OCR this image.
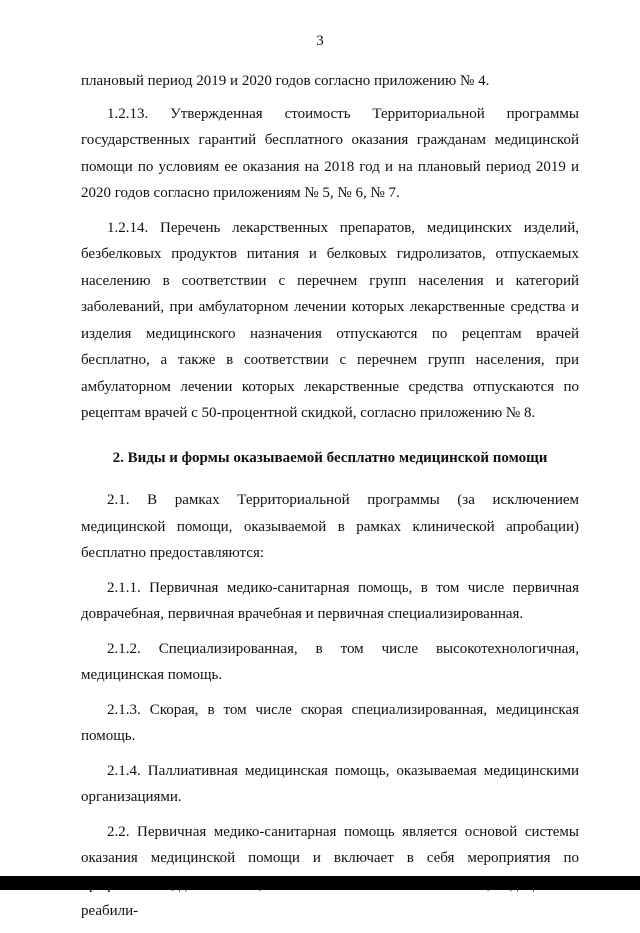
3

плановый период 2019 и 2020 годов согласно приложению № 4.

1.2.13. Утвержденная стоимость Территориальной программы государственных гарантий бесплатного оказания гражданам медицинской помощи по условиям ее оказания на 2018 год и на плановый период 2019 и 2020 годов согласно приложениям № 5, № 6, № 7.

1.2.14. Перечень лекарственных препаратов, медицинских изделий, безбелковых продуктов питания и белковых гидролизатов, отпускаемых населению в соответствии с перечнем групп населения и категорий заболеваний, при амбулаторном лечении которых лекарственные средства и изделия медицинского назначения отпускаются по рецептам врачей бесплатно, а также в соответствии с перечнем групп населения, при амбулаторном лечении которых лекарственные средства отпускаются по рецептам врачей с 50-процентной скидкой, согласно приложению № 8.

2. Виды и формы оказываемой бесплатно медицинской помощи

2.1. В рамках Территориальной программы (за исключением медицинской помощи, оказываемой в рамках клинической апробации) бесплатно предоставляются:

2.1.1. Первичная медико-санитарная помощь, в том числе первичная доврачебная, первичная врачебная и первичная специализированная.

2.1.2. Специализированная, в том числе высокотехнологичная, медицинская помощь.

2.1.3. Скорая, в том числе скорая специализированная, медицинская помощь.

2.1.4. Паллиативная медицинская помощь, оказываемая медицинскими организациями.

2.2. Первичная медико-санитарная помощь является основой системы оказания медицинской помощи и включает в себя мероприятия по реабили-
